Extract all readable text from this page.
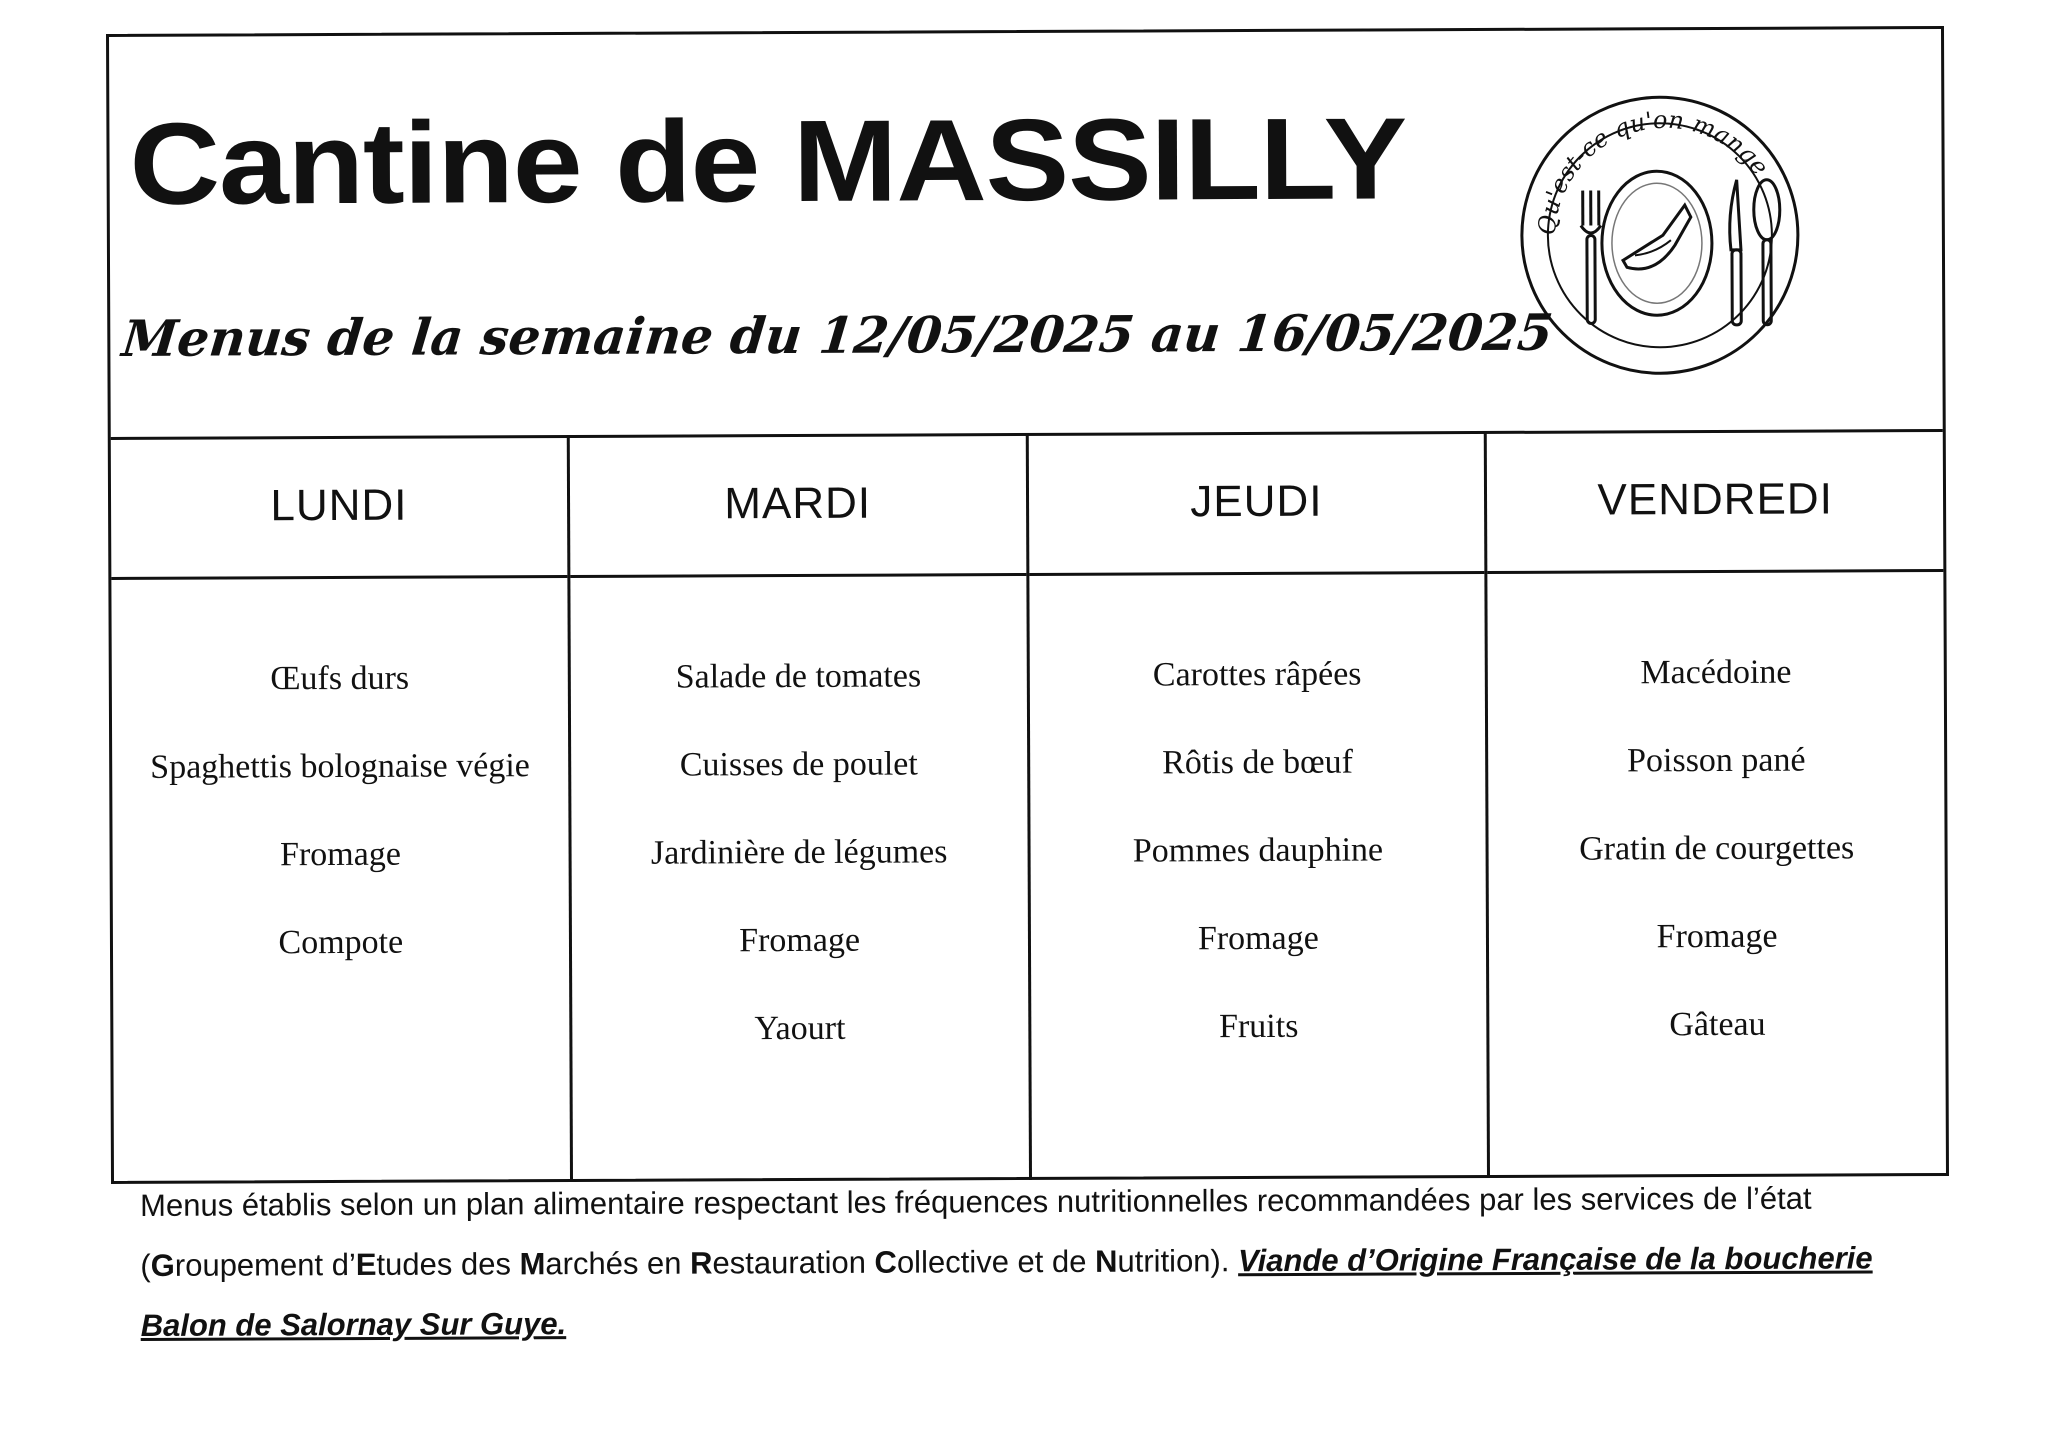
Cantine de MASSILLY
Menus de la semaine du 12/05/2025 au 16/05/2025
Qu'est-ce qu'on mange
LUNDI
Œufs durs
Spaghettis bolognaise végie
Fromage
Compote
MARDI
Salade de tomates
Cuisses de poulet
Jardinière de légumes
Fromage
Yaourt
JEUDI
Carottes râpées
Rôtis de bœuf
Pommes dauphine
Fromage
Fruits
VENDREDI
Macédoine
Poisson pané
Gratin de courgettes
Fromage
Gâteau
Menus établis selon un plan alimentaire respectant les fréquences nutritionnelles recommandées par les services de l’état (Groupement d’Etudes des Marchés en Restauration Collective et de Nutrition). Viande d’Origine Française de la boucherie Balon de Salornay Sur Guye.
